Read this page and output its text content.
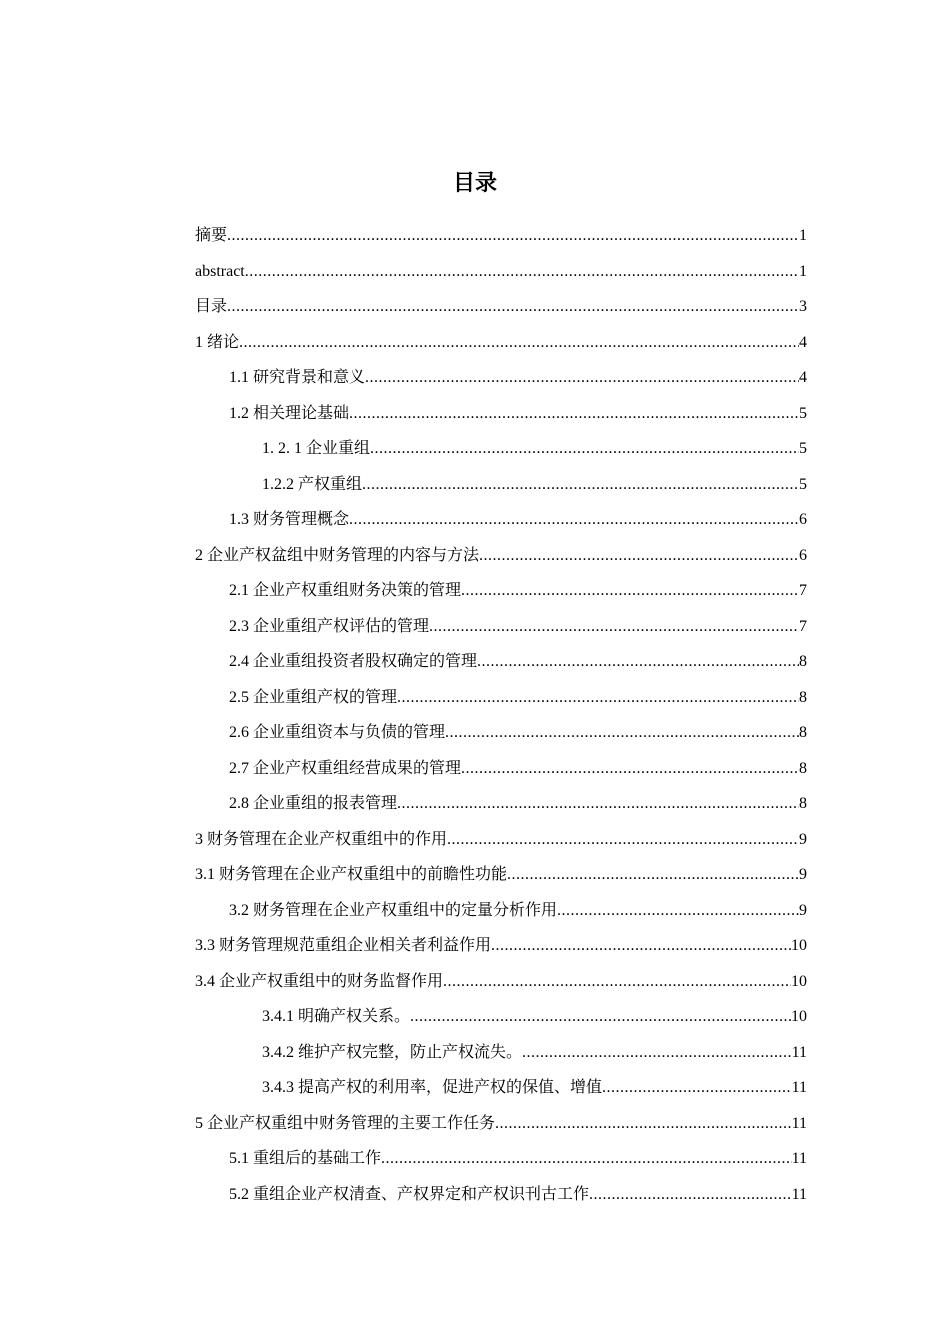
目录
摘要 .....	1
abstract .....	1
目录 .....	3
1 绪论 .....	4
1.1 研究背景和意义 .....	4
1.2 相关理论基础 .....	5
1. 2. 1 企业重组 .....	5
1.2.2 产权重组 .....	5
1.3 财务管理概念 .....	6
2 企业产权盆组中财务管理的内容与方法 .....	6
2.1 企业产权重组财务决策的管理 .....	7
2.3 企业重组产权评估的管理 .....	7
2.4 企业重组投资者股权确定的管理 .....	8
2.5 企业重组产权的管理 .....	8
2.6 企业重组资本与负债的管理 .....	8
2.7 企业产权重组经营成果的管理 .....	8
2.8 企业重组的报表管理 .....	8
3 财务管理在企业产权重组中的作用 .....	9
3.1 财务管理在企业产权重组中的前瞻性功能 .....	9
3.2 财务管理在企业产权重组中的定量分析作用 .....	9
3.3 财务管理规范重组企业相关者利益作用 .....	10
3.4 企业产权重组中的财务监督作用 .....	10
3.4.1 明确产权关系。 .....	10
3.4.2 维护产权完整，防止产权流失。 .....	11
3.4.3 提高产权的利用率，促进产权的保值、增值 .....	11
5 企业产权重组中财务管理的主要工作任务 .....	11
5.1 重组后的基础工作 .....	11
5.2 重组企业产权清查、产权界定和产权识刊古工作 .....	11
